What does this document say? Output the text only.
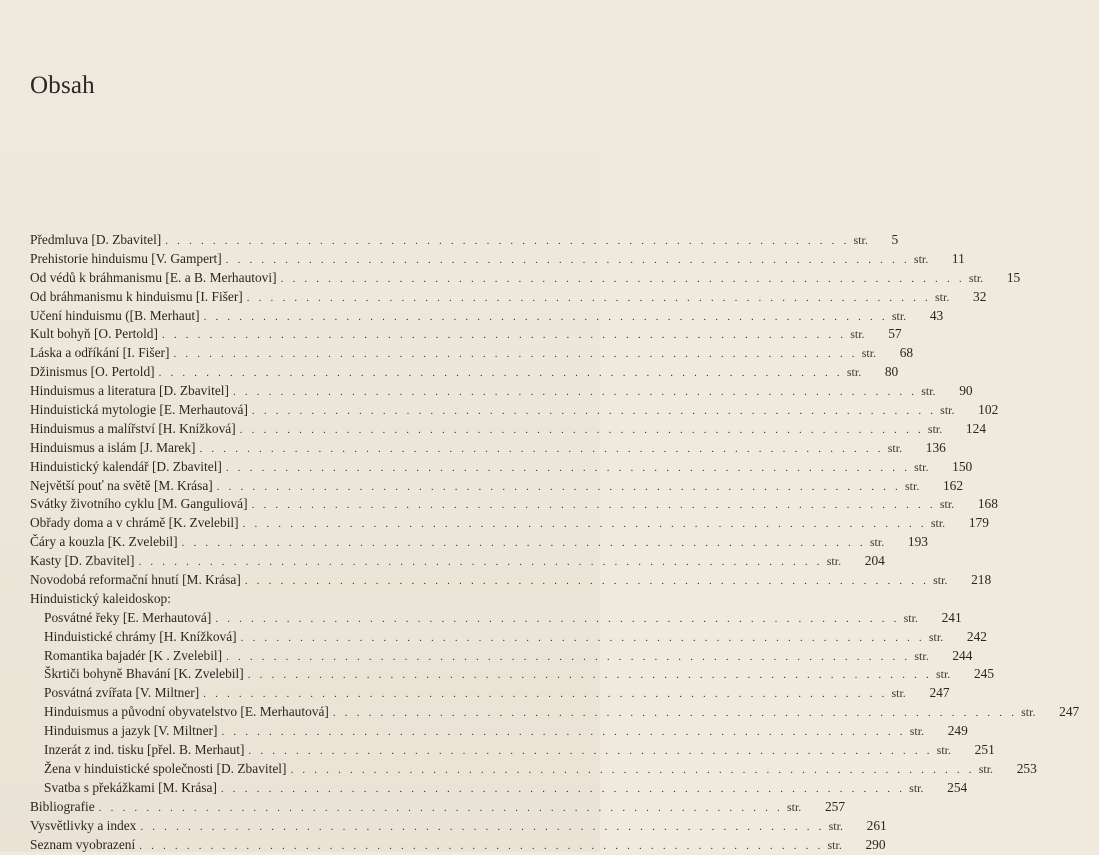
Obsah
Předmluva [D. Zbavitel] . . . . . . . . . . . . . . . . . . . . . . . . . . . . . . . . . . . . . . . . . . . . . . . . . . . . . . . . . . str.	5
Prehistorie hinduismu [V. Gampert] . . . . . . . . . . . . . . . . . . . . . . . . . . . . . . . . . . . . . . . . . . . . . . . . . . . . . . . . . . str.	11
Od védů k bráhmanismu [E. a B. Merhautovi] . . . . . . . . . . . . . . . . . . . . . . . . . . . . . . . . . . . . . . . . . . . . . . . . . . . . . . . . . . str.	15
Od bráhmanismu k hinduismu [I. Fišer] . . . . . . . . . . . . . . . . . . . . . . . . . . . . . . . . . . . . . . . . . . . . . . . . . . . . . . . . . . str.	32
Učení hinduismu ([B. Merhaut] . . . . . . . . . . . . . . . . . . . . . . . . . . . . . . . . . . . . . . . . . . . . . . . . . . . . . . . . . . str.	43
Kult bohyň [O. Pertold] . . . . . . . . . . . . . . . . . . . . . . . . . . . . . . . . . . . . . . . . . . . . . . . . . . . . . . . . . . str.	57
Láska a odříkání [I. Fišer] . . . . . . . . . . . . . . . . . . . . . . . . . . . . . . . . . . . . . . . . . . . . . . . . . . . . . . . . . . str.	68
Džinismus [O. Pertold] . . . . . . . . . . . . . . . . . . . . . . . . . . . . . . . . . . . . . . . . . . . . . . . . . . . . . . . . . . str.	80
Hinduismus a literatura [D. Zbavitel] . . . . . . . . . . . . . . . . . . . . . . . . . . . . . . . . . . . . . . . . . . . . . . . . . . . . . . . . . . str.	90
Hinduistická mytologie [E. Merhautová] . . . . . . . . . . . . . . . . . . . . . . . . . . . . . . . . . . . . . . . . . . . . . . . . . . . . . . . . . . str.	102
Hinduismus a malířství [H. Knížková] . . . . . . . . . . . . . . . . . . . . . . . . . . . . . . . . . . . . . . . . . . . . . . . . . . . . . . . . . . str.	124
Hinduismus a islám [J. Marek] . . . . . . . . . . . . . . . . . . . . . . . . . . . . . . . . . . . . . . . . . . . . . . . . . . . . . . . . . . str.	136
Hinduistický kalendář [D. Zbavitel] . . . . . . . . . . . . . . . . . . . . . . . . . . . . . . . . . . . . . . . . . . . . . . . . . . . . . . . . . . str.	150
Největší pouť na světě [M. Krása] . . . . . . . . . . . . . . . . . . . . . . . . . . . . . . . . . . . . . . . . . . . . . . . . . . . . . . . . . . str.	162
Svátky životního cyklu [M. Ganguliová] . . . . . . . . . . . . . . . . . . . . . . . . . . . . . . . . . . . . . . . . . . . . . . . . . . . . . . . . . . str.	168
Obřady doma a v chrámě [K. Zvelebil] . . . . . . . . . . . . . . . . . . . . . . . . . . . . . . . . . . . . . . . . . . . . . . . . . . . . . . . . . . str.	179
Čáry a kouzla [K. Zvelebil] . . . . . . . . . . . . . . . . . . . . . . . . . . . . . . . . . . . . . . . . . . . . . . . . . . . . . . . . . . str.	193
Kasty [D. Zbavitel] . . . . . . . . . . . . . . . . . . . . . . . . . . . . . . . . . . . . . . . . . . . . . . . . . . . . . . . . . . str.	204
Novodobá reformační hnutí [M. Krása] . . . . . . . . . . . . . . . . . . . . . . . . . . . . . . . . . . . . . . . . . . . . . . . . . . . . . . . . . . str.	218
Hinduistický kaleidoskop:
Posvátné řeky [E. Merhautová] . . . . . . . . . . . . . . . . . . . . . . . . . . . . . . . . . . . . . . . . . . . . . . . . . . . . . . . . . . str.	241
Hinduistické chrámy [H. Knížková] . . . . . . . . . . . . . . . . . . . . . . . . . . . . . . . . . . . . . . . . . . . . . . . . . . . . . . . . . . str.	242
Romantika bajadér [K . Zvelebil] . . . . . . . . . . . . . . . . . . . . . . . . . . . . . . . . . . . . . . . . . . . . . . . . . . . . . . . . . . str.	244
Škrtiči bohyně Bhavání [K. Zvelebil] . . . . . . . . . . . . . . . . . . . . . . . . . . . . . . . . . . . . . . . . . . . . . . . . . . . . . . . . . . str.	245
Posvátná zvířata [V. Miltner] . . . . . . . . . . . . . . . . . . . . . . . . . . . . . . . . . . . . . . . . . . . . . . . . . . . . . . . . . . str.	247
Hinduismus a původní obyvatelstvo [E. Merhautová] . . . . . . . . . . . . . . . . . . . . . . . . . . . . . . . . . . . . . . . . . . . . . . . . . . . . . . . . . . str.	247
Hinduismus a jazyk [V. Miltner] . . . . . . . . . . . . . . . . . . . . . . . . . . . . . . . . . . . . . . . . . . . . . . . . . . . . . . . . . . str.	249
Inzerát z ind. tisku [přel. B. Merhaut] . . . . . . . . . . . . . . . . . . . . . . . . . . . . . . . . . . . . . . . . . . . . . . . . . . . . . . . . . . str.	251
Žena v hinduistické společnosti [D. Zbavitel] . . . . . . . . . . . . . . . . . . . . . . . . . . . . . . . . . . . . . . . . . . . . . . . . . . . . . . . . . . str.	253
Svatba s překážkami [M. Krása] . . . . . . . . . . . . . . . . . . . . . . . . . . . . . . . . . . . . . . . . . . . . . . . . . . . . . . . . . . str.	254
Bibliografie . . . . . . . . . . . . . . . . . . . . . . . . . . . . . . . . . . . . . . . . . . . . . . . . . . . . . . . . . . str.	257
Vysvětlivky a index . . . . . . . . . . . . . . . . . . . . . . . . . . . . . . . . . . . . . . . . . . . . . . . . . . . . . . . . . . str.	261
Seznam vyobrazení . . . . . . . . . . . . . . . . . . . . . . . . . . . . . . . . . . . . . . . . . . . . . . . . . . . . . . . . . . str.	290
